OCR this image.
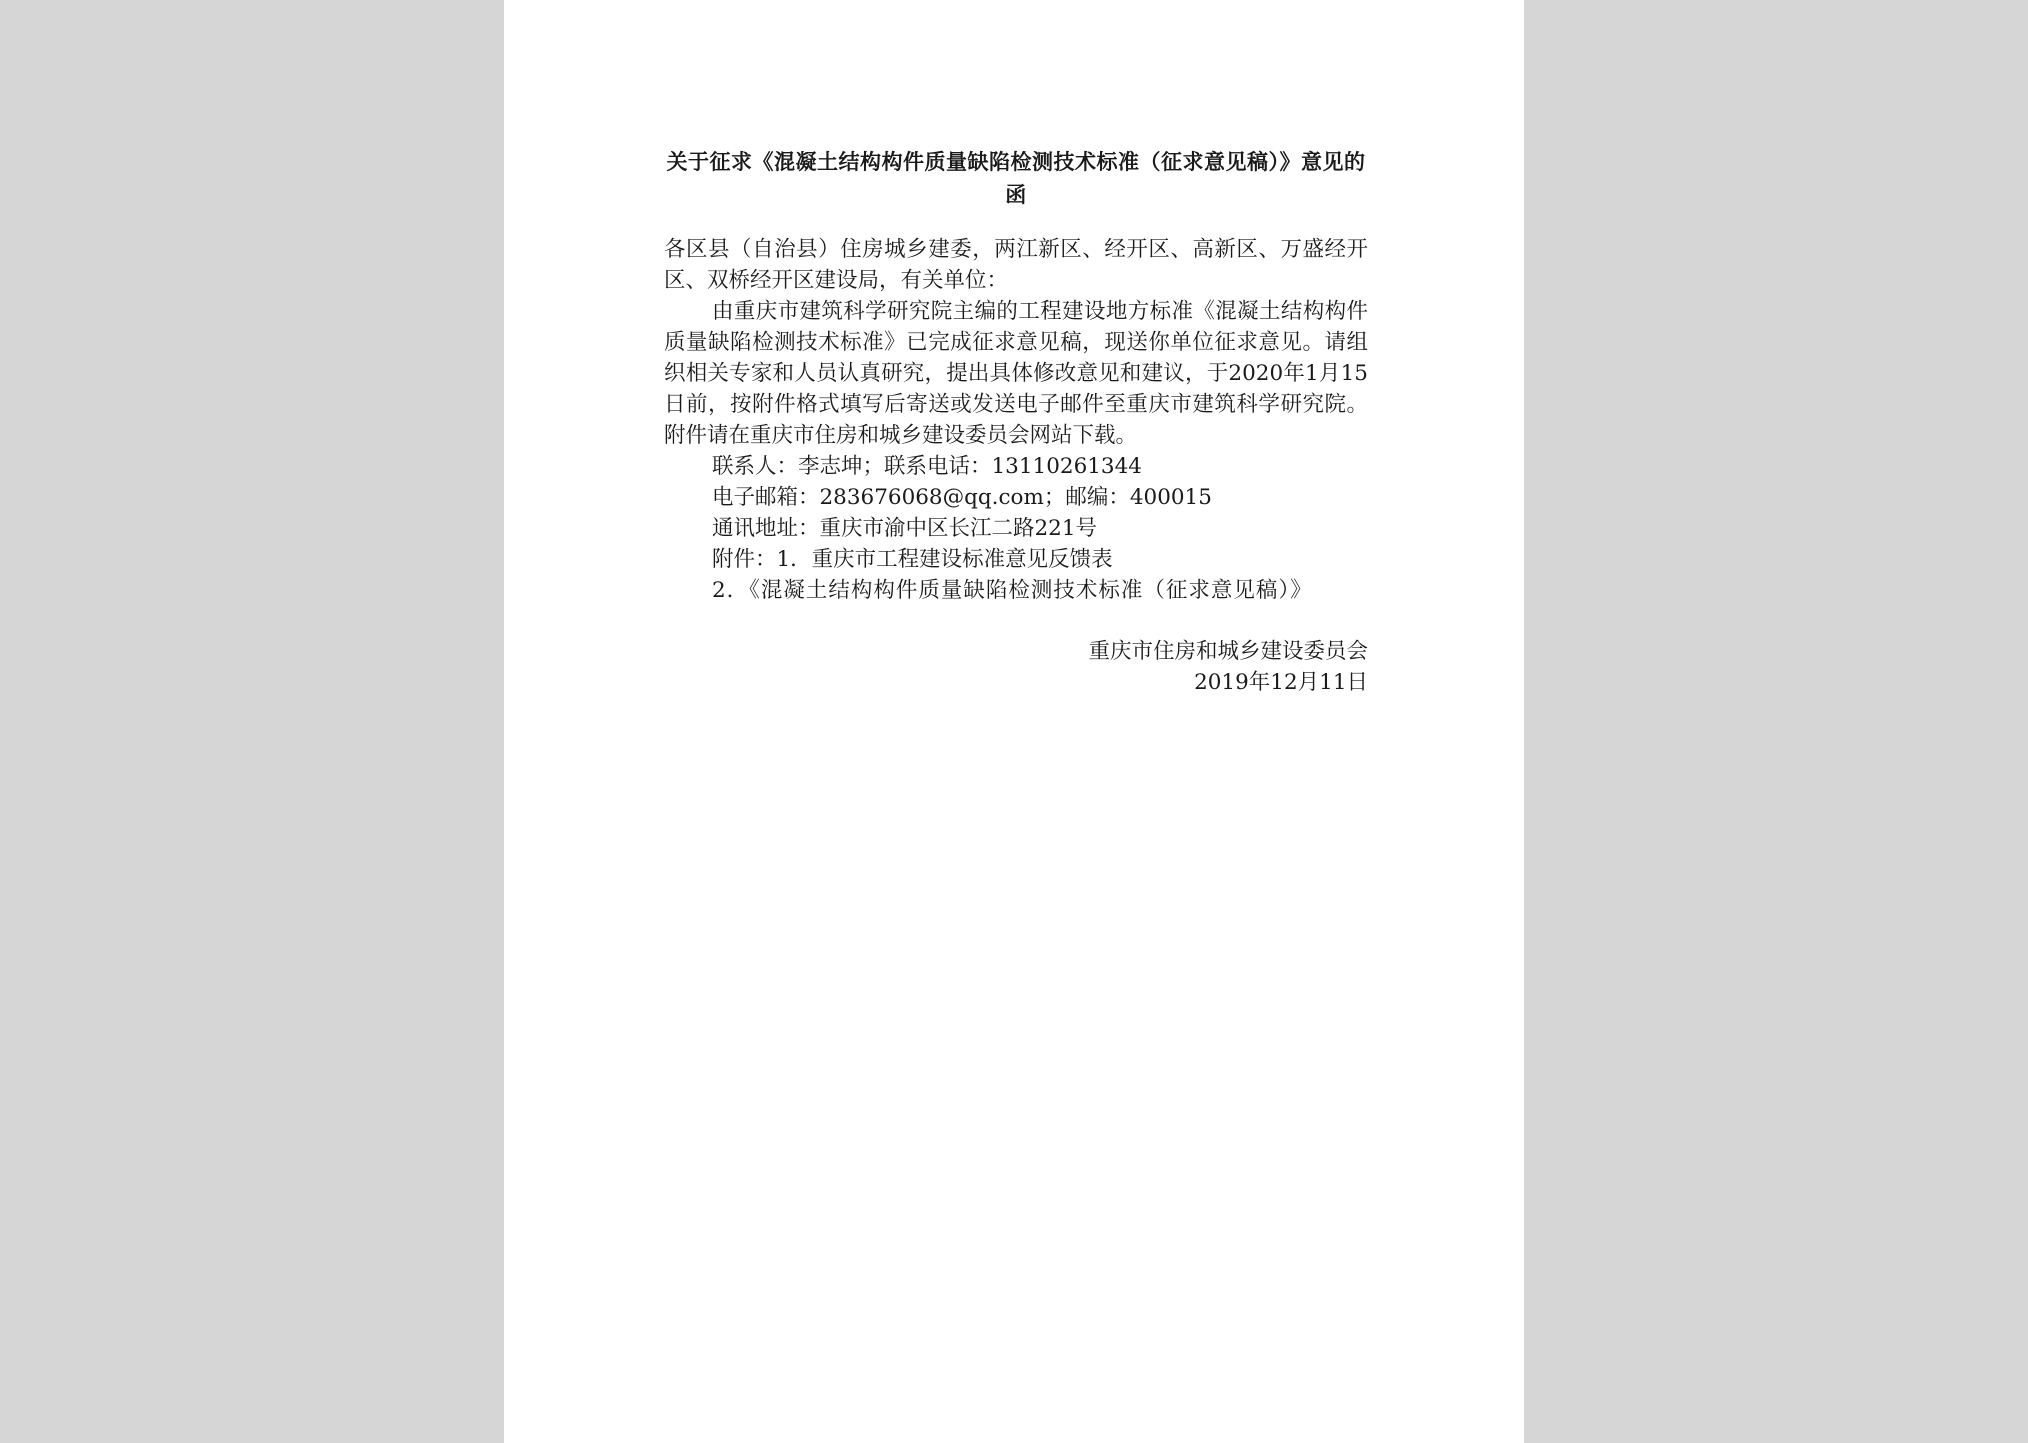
关于征求《混凝土结构构件质量缺陷检测技术标准（征求意见稿）》意见的函

各区县（自治县）住房城乡建委，两江新区、经开区、高新区、万盛经开区、双桥经开区建设局，有关单位：

由重庆市建筑科学研究院主编的工程建设地方标准《混凝土结构构件质量缺陷检测技术标准》已完成征求意见稿，现送你单位征求意见。请组织相关专家和人员认真研究，提出具体修改意见和建议，于2020年1月15日前，按附件格式填写后寄送或发送电子邮件至重庆市建筑科学研究院。附件请在重庆市住房和城乡建设委员会网站下载。

联系人：李志坤；联系电话：13110261344

电子邮箱：283676068@qq.com；邮编：400015

通讯地址：重庆市渝中区长江二路221号

附件：1．重庆市工程建设标准意见反馈表

2．《混凝土结构构件质量缺陷检测技术标准（征求意见稿）》

重庆市住房和城乡建设委员会
2019年12月11日
